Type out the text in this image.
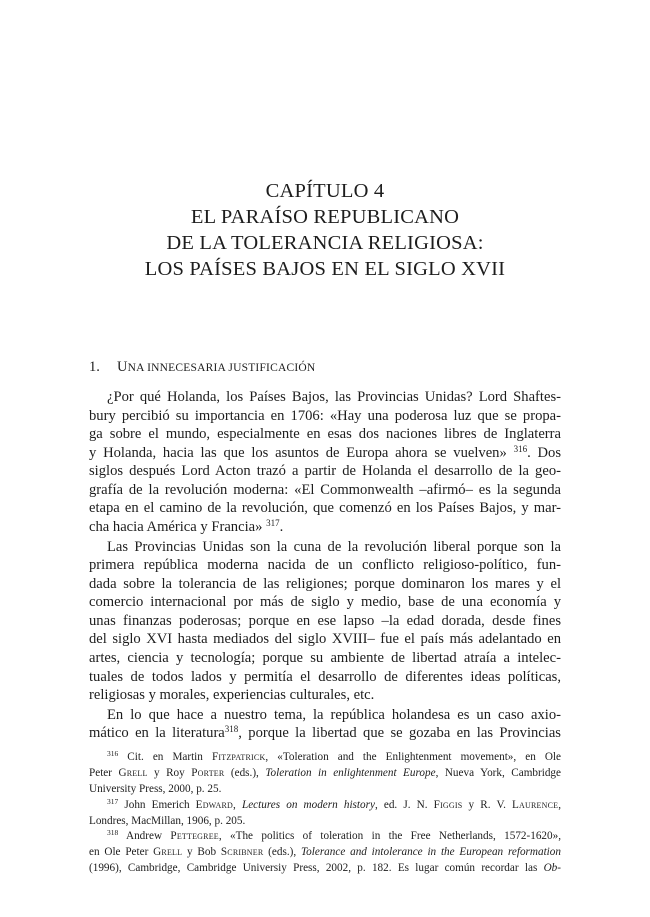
CAPÍTULO 4
EL PARAÍSO REPUBLICANO
DE LA TOLERANCIA RELIGIOSA:
LOS PAÍSES BAJOS EN EL SIGLO XVII
1. UNA INNECESARIA JUSTIFICACIÓN
¿Por qué Holanda, los Países Bajos, las Provincias Unidas? Lord Shaftes-
bury percibió su importancia en 1706: «Hay una poderosa luz que se propa-
ga sobre el mundo, especialmente en esas dos naciones libres de Inglaterra
y Holanda, hacia las que los asuntos de Europa ahora se vuelven» $^{316}$. Dos
siglos después Lord Acton trazó a partir de Holanda el desarrollo de la geo-
grafía de la revolución moderna: «El Commonwealth –afirmó– es la segunda
etapa en el camino de la revolución, que comenzó en los Países Bajos, y mar-
cha hacia América y Francia» $^{317}$.
Las Provincias Unidas son la cuna de la revolución liberal porque son la
primera república moderna nacida de un conflicto religioso-político, fun-
dada sobre la tolerancia de las religiones; porque dominaron los mares y el
comercio internacional por más de siglo y medio, base de una economía y
unas finanzas poderosas; porque en ese lapso –la edad dorada, desde fines
del siglo XVI hasta mediados del siglo XVIII– fue el país más adelantado en
artes, ciencia y tecnología; porque su ambiente de libertad atraía a intelec-
tuales de todos lados y permitía el desarrollo de diferentes ideas políticas,
religiosas y morales, experiencias culturales, etc.
En lo que hace a nuestro tema, la república holandesa es un caso axio-
mático en la literatura$^{318}$, porque la libertad que se gozaba en las Provincias
$^{316}$ Cit. en Martin Fitzpatrick, «Toleration and the Enlightenment movement», en Ole
Peter Grell y Roy Porter (eds.), Toleration in enlightenment Europe, Nueva York, Cambridge
University Press, 2000, p. 25.
$^{317}$ John Emerich Edward, Lectures on modern history, ed. J. N. Figgis y R. V. Laurence,
Londres, MacMillan, 1906, p. 205.
$^{318}$ Andrew Pettegree, «The politics of toleration in the Free Netherlands, 1572-1620»,
en Ole Peter Grell y Bob Scribner (eds.), Tolerance and intolerance in the European reformation
(1996), Cambridge, Cambridge Universiy Press, 2002, p. 182. Es lugar común recordar las Ob-
